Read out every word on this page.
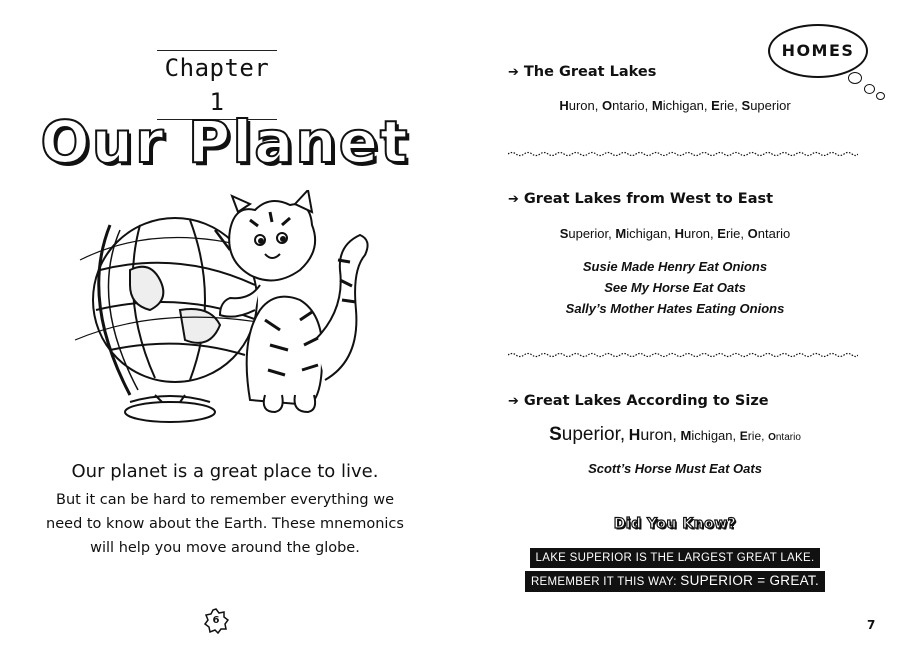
Chapter 1
Our Planet
Our planet is a great place to live.
But it can be hard to remember everything we
need to know about the Earth. These mnemonics
will help you move around the globe.
6
HOMES
➔ The Great Lakes
Huron, Ontario, Michigan, Erie, Superior
➔ Great Lakes from West to East
Superior, Michigan, Huron, Erie, Ontario
Susie Made Henry Eat Onions
See My Horse Eat Oats
Sally’s Mother Hates Eating Onions
➔ Great Lakes According to Size
Superior, Huron, Michigan, Erie, Ontario
Scott’s Horse Must Eat Oats
Did You Know?
LAKE SUPERIOR IS THE LARGEST GREAT LAKE.
REMEMBER IT THIS WAY: SUPERIOR = GREAT.
7
